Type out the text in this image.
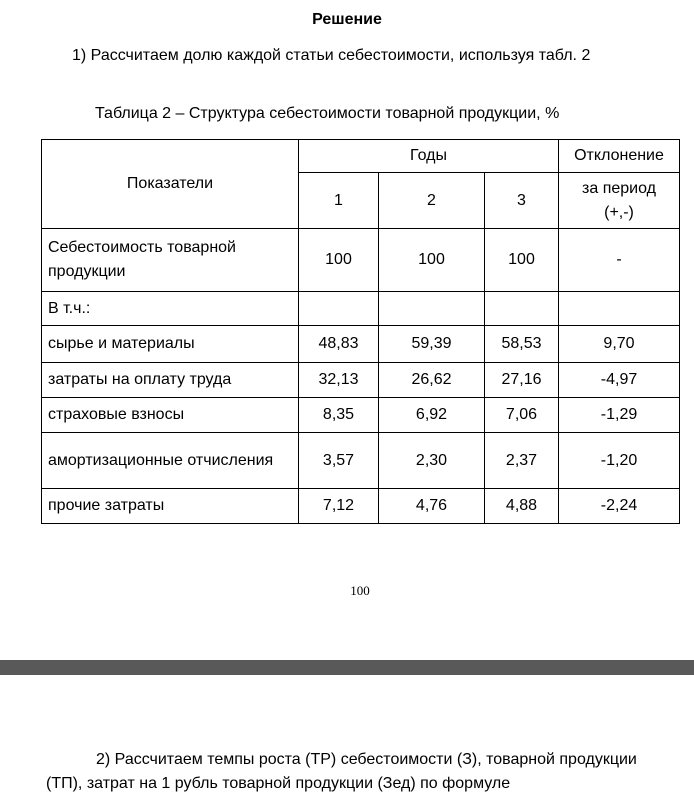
Решение
1) Рассчитаем долю каждой статьи себестоимости, используя табл. 2
Таблица 2 – Структура себестоимости товарной продукции, %
Показатели	Годы			Отклонение
	1	2	3	за период (+,-)
Себестоимость товарной продукции	100	100	100	-
В т.ч.:				
сырье и материалы	48,83	59,39	58,53	9,70
затраты на оплату труда	32,13	26,62	27,16	-4,97
страховые взносы	8,35	6,92	7,06	-1,29
амортизационные отчисления	3,57	2,30	2,37	-1,20
прочие затраты	7,12	4,76	4,88	-2,24
100
2) Рассчитаем темпы роста (ТР) себестоимости (З), товарной продукции (ТП), затрат на 1 рубль товарной продукции (Зед) по формуле
